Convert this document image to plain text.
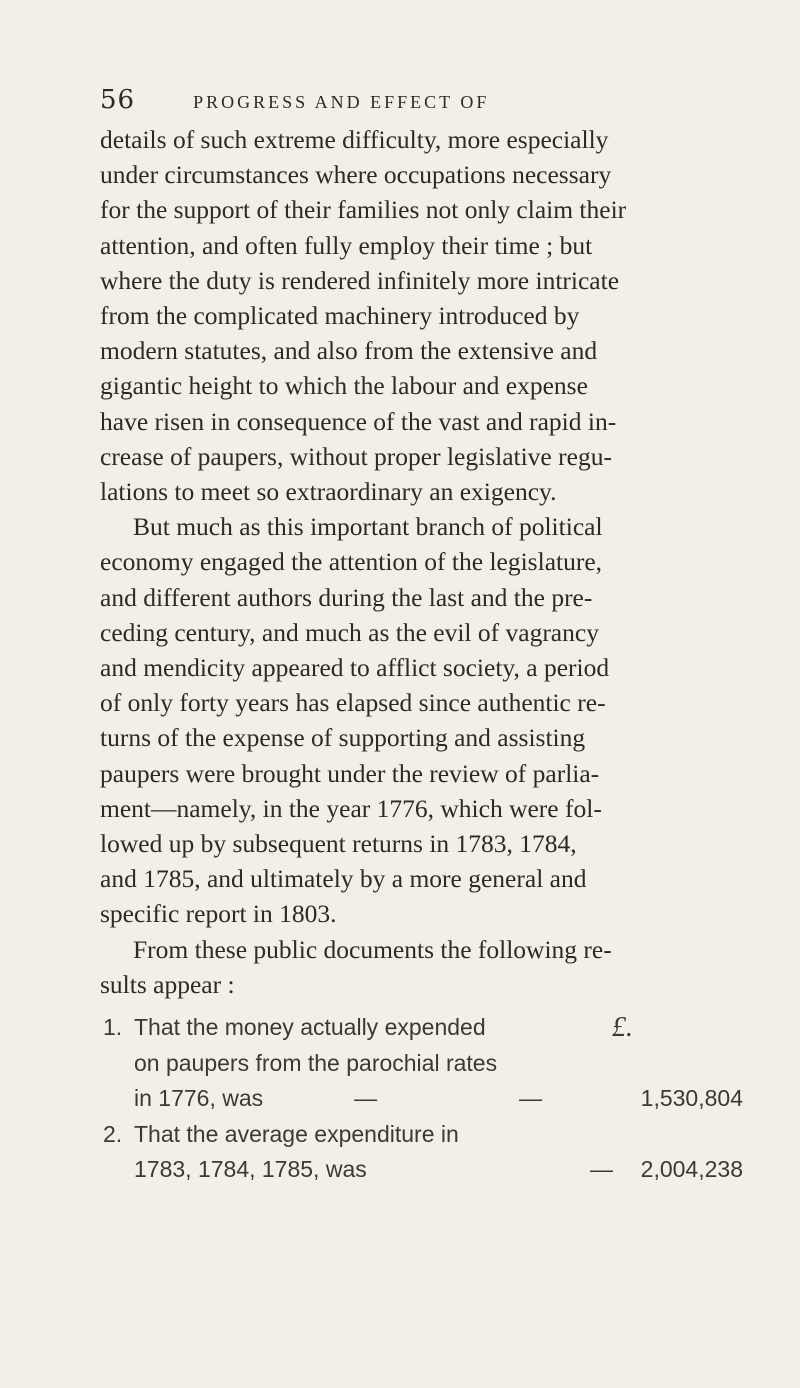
56	PROGRESS AND EFFECT OF
details of such extreme difficulty, more especially
under circumstances where occupations necessary
for the support of their families not only claim their
attention, and often fully employ their time ; but
where the duty is rendered infinitely more intricate
from the complicated machinery introduced by
modern statutes, and also from the extensive and
gigantic height to which the labour and expense
have risen in consequence of the vast and rapid in-
crease of paupers, without proper legislative regu-
lations to meet so extraordinary an exigency.
But much as this important branch of political
economy engaged the attention of the legislature,
and different authors during the last and the pre-
ceding century, and much as the evil of vagrancy
and mendicity appeared to afflict society, a period
of only forty years has elapsed since authentic re-
turns of the expense of supporting and assisting
paupers were brought under the review of parlia-
ment—namely, in the year 1776, which were fol-
lowed up by subsequent returns in 1783, 1784,
and 1785, and ultimately by a more general and
specific report in 1803.
From these public documents the following re-
sults appear :
1. That the money actually expended	£.
on paupers from the parochial rates
in 1776, was	—	—	1,530,804
2. That the average expenditure in
1783, 1784, 1785, was	—	2,004,238
